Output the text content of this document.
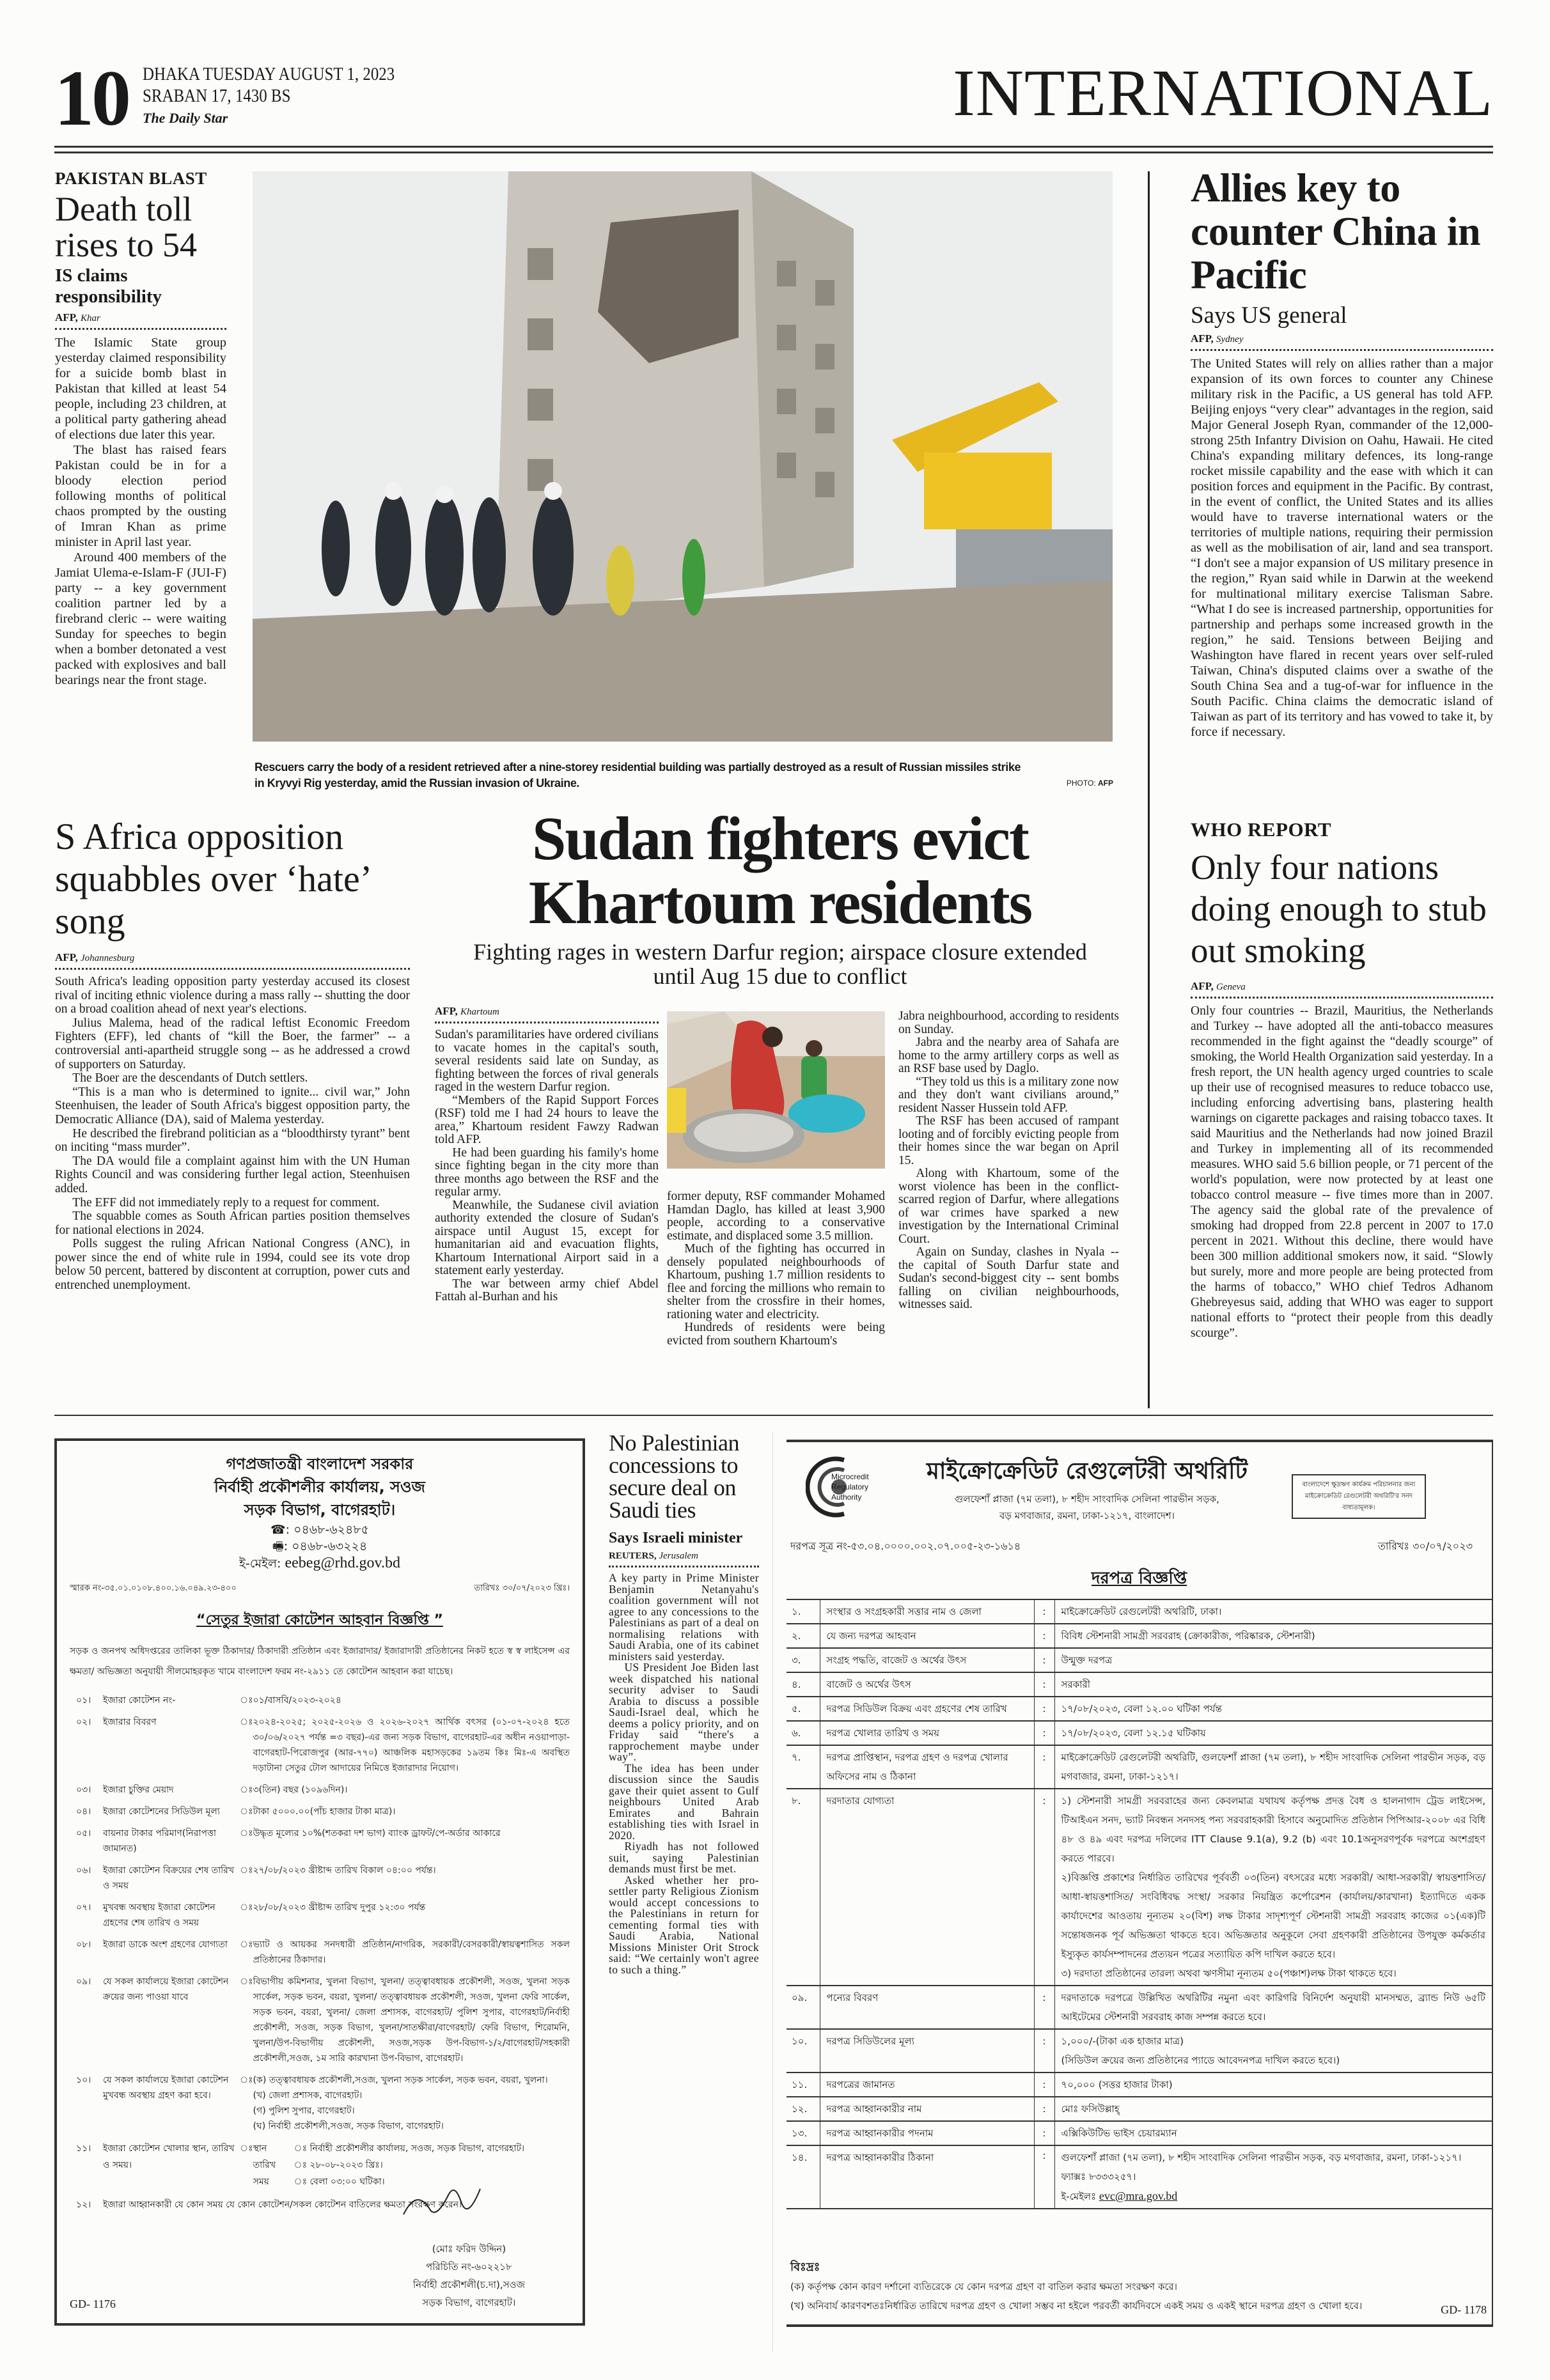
10 DHAKA TUESDAY AUGUST 1, 2023
SRABAN 17, 1430 BS
The Daily Star	INTERNATIONAL
PAKISTAN BLAST
Death toll rises to 54
IS claims responsibility
AFP, Khar

The Islamic State group yesterday claimed responsibility for a suicide bomb blast in Pakistan that killed at least 54 people, including 23 children, at a political party gathering ahead of elections due later this year.

The blast has raised fears Pakistan could be in for a bloody election period following months of political chaos prompted by the ousting of Imran Khan as prime minister in April last year.

Around 400 members of the Jamiat Ulema-e-Islam-F (JUI-F) party -- a key government coalition partner led by a firebrand cleric -- were waiting Sunday for speeches to begin when a bomber detonated a vest packed with explosives and ball bearings near the front stage.

Rescuers carry the body of a resident retrieved after a nine-storey residential building was partially destroyed as a result of Russian missiles strike in Kryvyi Rig yesterday, amid the Russian invasion of Ukraine.	PHOTO: AFP
Allies key to counter China in Pacific
Says US general
AFP, Sydney

The United States will rely on allies rather than a major expansion of its own forces to counter any Chinese military risk in the Pacific, a US general has told AFP. Beijing enjoys “very clear” advantages in the region, said Major General Joseph Ryan, commander of the 12,000-strong 25th Infantry Division on Oahu, Hawaii. He cited China's expanding military defences, its long-range rocket missile capability and the ease with which it can position forces and equipment in the Pacific. By contrast, in the event of conflict, the United States and its allies would have to traverse international waters or the territories of multiple nations, requiring their permission as well as the mobilisation of air, land and sea transport. “I don't see a major expansion of US military presence in the region,” Ryan said while in Darwin at the weekend for multinational military exercise Talisman Sabre. “What I do see is increased partnership, opportunities for partnership and perhaps some increased growth in the region,” he said. Tensions between Beijing and Washington have flared in recent years over self-ruled Taiwan, China's disputed claims over a swathe of the South China Sea and a tug-of-war for influence in the South Pacific. China claims the democratic island of Taiwan as part of its territory and has vowed to take it, by force if necessary.

S Africa opposition squabbles over ‘hate’ song
AFP, Johannesburg

South Africa's leading opposition party yesterday accused its closest rival of inciting ethnic violence during a mass rally -- shutting the door on a broad coalition ahead of next year's elections.

Julius Malema, head of the radical leftist Economic Freedom Fighters (EFF), led chants of “kill the Boer, the farmer” -- a controversial anti-apartheid struggle song -- as he addressed a crowd of supporters on Saturday.

The Boer are the descendants of Dutch settlers.

“This is a man who is determined to ignite... civil war,” John Steenhuisen, the leader of South Africa's biggest opposition party, the Democratic Alliance (DA), said of Malema yesterday.

He described the firebrand politician as a “bloodthirsty tyrant” bent on inciting “mass murder”.

The DA would file a complaint against him with the UN Human Rights Council and was considering further legal action, Steenhuisen added.

The EFF did not immediately reply to a request for comment.

The squabble comes as South African parties position themselves for national elections in 2024.

Polls suggest the ruling African National Congress (ANC), in power since the end of white rule in 1994, could see its vote drop below 50 percent, battered by discontent at corruption, power cuts and entrenched unemployment.

Sudan fighters evict
Khartoum residents
Fighting rages in western Darfur region; airspace closure extended until Aug 15 due to conflict
AFP, Khartoum

Sudan's paramilitaries have ordered civilians to vacate homes in the capital's south, several residents said late on Sunday, as fighting between the forces of rival generals raged in the western Darfur region.

“Members of the Rapid Support Forces (RSF) told me I had 24 hours to leave the area,” Khartoum resident Fawzy Radwan told AFP.

He had been guarding his family's home since fighting began in the city more than three months ago between the RSF and the regular army.

Meanwhile, the Sudanese civil aviation authority extended the closure of Sudan's airspace until August 15, except for humanitarian aid and evacuation flights, Khartoum International Airport said in a statement early yesterday.

The war between army chief Abdel Fattah al-Burhan and his

former deputy, RSF commander Mohamed Hamdan Daglo, has killed at least 3,900 people, according to a conservative estimate, and displaced some 3.5 million.

Much of the fighting has occurred in densely populated neighbourhoods of Khartoum, pushing 1.7 million residents to flee and forcing the millions who remain to shelter from the crossfire in their homes, rationing water and electricity.

Hundreds of residents were being evicted from southern Khartoum's

Jabra neighbourhood, according to residents on Sunday.

Jabra and the nearby area of Sahafa are home to the army artillery corps as well as an RSF base used by Daglo.

“They told us this is a military zone now and they don't want civilians around,” resident Nasser Hussein told AFP.

The RSF has been accused of rampant looting and of forcibly evicting people from their homes since the war began on April 15.

Along with Khartoum, some of the worst violence has been in the conflict-scarred region of Darfur, where allegations of war crimes have sparked a new investigation by the International Criminal Court.

Again on Sunday, clashes in Nyala -- the capital of South Darfur state and Sudan's second-biggest city -- sent bombs falling on civilian neighbourhoods, witnesses said.

WHO REPORT
Only four nations doing enough to stub out smoking
AFP, Geneva

Only four countries -- Brazil, Mauritius, the Netherlands and Turkey -- have adopted all the anti-tobacco measures recommended in the fight against the “deadly scourge” of smoking, the World Health Organization said yesterday. In a fresh report, the UN health agency urged countries to scale up their use of recognised measures to reduce tobacco use, including enforcing advertising bans, plastering health warnings on cigarette packages and raising tobacco taxes. It said Mauritius and the Netherlands had now joined Brazil and Turkey in implementing all of its recommended measures. WHO said 5.6 billion people, or 71 percent of the world's population, were now protected by at least one tobacco control measure -- five times more than in 2007. The agency said the global rate of the prevalence of smoking had dropped from 22.8 percent in 2007 to 17.0 percent in 2021. Without this decline, there would have been 300 million additional smokers now, it said. “Slowly but surely, more and more people are being protected from the harms of tobacco,” WHO chief Tedros Adhanom Ghebreyesus said, adding that WHO was eager to support national efforts to “protect their people from this deadly scourge”.

গণপ্রজাতন্ত্রী বাংলাদেশ সরকার
নির্বাহী প্রকৌশলীর কার্যালয়, সওজ
সড়ক বিভাগ, বাগেরহাট।
☎: ০৪৬৮-৬২৪৮৫
🖷: ০৪৬৮-৬৩২২৪
ই-মেইল: eebeg@rhd.gov.bd
স্মারক নং-৩৫.০১.০১০৮.৪০০.১৬.০৪৯.২৩-৪০০	তারিখঃ ৩০/০৭/২০২৩ খ্রিঃ।
“সেতুর ইজারা কোটেশন আহবান বিজ্ঞপ্তি ”
সড়ক ও জনপথ অধিদপ্তরের তালিকা ভূক্ত ঠিকাদার/ ঠিকাদারী প্রতিষ্ঠান এবং ইজারাদার/ ইজারাদারী প্রতিষ্ঠানের নিকট হতে স্ব স্ব লাইসেন্স এর ক্ষমতা/ অভিজ্ঞতা অনুযায়ী সীলমোহরকৃত খামে বাংলাদেশ ফরম নং-২৯১১ তে কোটেশন আহবান করা যাচেছ।
০১।	ইজারা কোটেশন নং-	ঃ	০১/বাসবি/২০২৩-২০২৪
০২।	ইজারার বিবরণ	ঃ	২০২৪-২০২৫; ২০২৫-২০২৬ ও ২০২৬-২০২৭ আর্থিক বৎসর (০১-০৭-২০২৪ হতে ৩০/০৬/২০২৭ পর্যন্ত =৩ বছর)-এর জন্য সড়ক বিভাগ, বাগেরহাট-এর অধীন নওয়াপাড়া-বাগেরহাট-পিরোজপুর (আর-৭৭০) আঞ্চলিক মহাসড়কের ১৯তম কিঃ মিঃ-এ অবস্থিত দড়াটানা সেতুর টোল আদায়ের নিমিত্তে ইজারাদার নিয়োগ।
০৩।	ইজারা চুক্তির মেয়াদ	ঃ	৩(তিন) বছর (১০৯৬দিন)।
০৪।	ইজারা কোটেশনের সিডিউল মূল্য	ঃ	টাকা ৫০০০.০০(পাঁচ হাজার টাকা মাত্র)।
০৫।	বায়নার টাকার পরিমাণ(নিরাপত্তা জামানত)	ঃ	উদ্ধৃত মূল্যের ১০%(শতকরা দশ ভাগ) ব্যাংক ড্রাফট/পে-অর্ডার আকারে
০৬।	ইজারা কোটেশন বিক্রয়ের শেষ তারিখ ও সময়	ঃ	২৭/০৮/২০২৩ খ্রীষ্টাব্দ তারিখ বিকাল ০৪:০০ পর্যন্ত।
০৭।	মুখবন্ধ অবস্থায় ইজারা কোটেশন গ্রহণের শেষ তারিখ ও সময়	ঃ	২৮/০৮/২০২৩ খ্রীষ্টাব্দ তারিখ দুপুর ১২:৩০ পর্যন্ত
০৮।	ইজারা ডাকে অংশ গ্রহণের যোগ্যতা	ঃ	ভ্যাট ও আয়কর সনদধারী প্রতিষ্ঠান/নাগরিক, সরকারী/বেসরকারী/স্বায়ত্বশাসিত সকল প্রতিষ্ঠানের ঠিকাদার।
০৯।	যে সকল কার্যালয়ে ইজারা কোটেশন ক্রয়ের জন্য পাওয়া যাবে	ঃ	বিভাগীয় কমিশনার, খুলনা বিভাগ, খুলনা/ তত্ত্বাবধায়ক প্রকৌশলী, সওজ, খুলনা সড়ক সার্কেল, সড়ক ভবন, বয়রা, খুলনা/ তত্ত্বাবধায়ক প্রকৌশলী, সওজ, খুলনা ফেরি সার্কেল, সড়ক ভবন, বয়রা, খুলনা/ জেলা প্রশাসক, বাগেরহাট/ পুলিশ সুপার, বাগেরহাট/নির্বাহী প্রকৌশলী, সওজ, সড়ক বিভাগ, খুলনা/সাতক্ষীরা/বাগেরহাট/ ফেরি বিভাগ, শিরোমনি, খুলনা/উপ-বিভাগীয় প্রকৌশলী, সওজ,সড়ক উপ-বিভাগ-১/২/বাগেরহাট/সহকারী প্রকৌশলী,সওজ, ১ম সারি কারখানা উপ-বিভাগ, বাগেরহাট।
১০।	যে সকল কার্যালয়ে ইজারা কোটেশন মুখবন্ধ অবস্থায় গ্রহণ করা হবে।	ঃ	(ক) তত্ত্বাবধায়ক প্রকৌশলী,সওজ, খুলনা সড়ক সার্কেল, সড়ক ভবন, বয়রা, খুলনা।
(খ) জেলা প্রশাসক, বাগেরহাট।
(গ) পুলিশ সুপার, বাগেরহাট।
(ঘ) নির্বাহী প্রকৌশলী,সওজ, সড়ক বিভাগ, বাগেরহাট।
১১।	ইজারা কোটেশন খোলার স্থান, তারিখ ও সময়।	ঃ	স্থান ঃ নির্বাহী প্রকৌশলীর কার্যালয়, সওজ, সড়ক বিভাগ, বাগেরহাট।
তারিখ ঃ ২৮-০৮-২০২৩ খ্রিঃ।
সময় ঃ বেলা ০৩:০০ ঘটিকা।

১২।	ইজারা আহ্বানকারী যে কোন সময় যে কোন কোটেশন/সকল কোটেশন বাতিলের ক্ষমতা সংরক্ষণ করেন।		
(মোঃ ফরিদ উদ্দিন)
পরিচিতি নং-৬০২২১৮
নির্বাহী প্রকৌশলী(চ.দা),সওজ
সড়ক বিভাগ, বাগেরহাট।
GD- 1176
No Palestinian concessions to secure deal on Saudi ties
Says Israeli minister
REUTERS, Jerusalem

A key party in Prime Minister Benjamin Netanyahu's coalition government will not agree to any concessions to the Palestinians as part of a deal on normalising relations with Saudi Arabia, one of its cabinet ministers said yesterday.

US President Joe Biden last week dispatched his national security adviser to Saudi Arabia to discuss a possible Saudi-Israel deal, which he deems a policy priority, and on Friday said “there's a rapprochement maybe under way”.

The idea has been under discussion since the Saudis gave their quiet assent to Gulf neighbours United Arab Emirates and Bahrain establishing ties with Israel in 2020.

Riyadh has not followed suit, saying Palestinian demands must first be met.

Asked whether her pro-settler party Religious Zionism would accept concessions to the Palestinians in return for cementing formal ties with Saudi Arabia, National Missions Minister Orit Strock said: “We certainly won't agree to such a thing.”

Microcredit
Regulatory
Authority
মাইক্রোক্রেডিট রেগুলেটরী অথরিটি
গুলফেশাঁ প্লাজা (৭ম তলা), ৮ শহীদ সাংবাদিক সেলিনা পারভীন সড়ক,
বড় মগবাজার, রমনা, ঢাকা-১২১৭, বাংলাদেশ।
বাংলাদেশে ক্ষুদ্রঋণ কার্যক্রম পরিচালনার জন্য মাইক্রোক্রেডিট রেগুলেটরী অথরিটি'র সনদ বাধ্যতামূলক।
দরপত্র সূত্র নং-৫৩.০৪.০০০০.০০২.০৭.০০৫-২৩-১৬১৪	তারিখঃ ৩০/০৭/২০২৩
দরপত্র বিজ্ঞপ্তি
১.	সংস্থার ও সংগ্রহকারী সত্তার নাম ও জেলা	:	মাইক্রোক্রেডিট রেগুলেটরী অথরিটি, ঢাকা।
২.	যে জন্য দরপত্র আহবান	:	বিবিধ স্টেশনারী সামগ্রী সরবরাহ (ক্রোকারীজ, পরিষ্কারক, স্টেশনারী)
৩.	সংগ্রহ পদ্ধতি, বাজেট ও অর্থের উৎস	:	উন্মুক্ত দরপত্র
৪.	বাজেট ও অর্থের উৎস	:	সরকারী
৫.	দরপত্র সিডিউল বিক্রয় এবং গ্রহণের শেষ তারিখ	:	১৭/০৮/২০২৩, বেলা ১২.০০ ঘটিকা পর্যন্ত
৬.	দরপত্র খোলার তারিখ ও সময়	:	১৭/০৮/২০২৩, বেলা ১২.১৫ ঘটিকায়
৭.	দরপত্র প্রাপ্তিস্থান, দরপত্র গ্রহণ ও দরপত্র খোলার অফিসের নাম ও ঠিকানা	:	মাইক্রোক্রেডিট রেগুলেটরী অথরিটি, গুলফেশাঁ প্লাজা (৭ম তলা), ৮ শহীদ সাংবাদিক সেলিনা পারভীন সড়ক, বড় মগবাজার, রমনা, ঢাকা-১২১৭।
৮.	দরদাতার যোগ্যতা	:	১) স্টেশনারী সামগ্রী সরবরাহের জন্য কেবলমাত্র যথাযথ কর্তৃপক্ষ প্রদত্ত বৈধ ও হালনাগাদ ট্রেড লাইসেন্স, টিআইএন সনদ, ভ্যাট নিবন্ধন সনদসহ পন্য সরবরাহকারী হিসাবে অনুমোদিত প্রতিষ্ঠান পিপিআর-২০০৮ এর বিধি ৪৮ ও ৪৯ এবং দরপত্র দলিলের ITT Clause 9.1(a), 9.2 (b) এবং 10.1অনুসরণপূর্বক দরপত্রে অংশগ্রহণ করতে পারবে।
২)বিজ্ঞপ্তি প্রকাশের নির্ধারিত তারিখের পূর্ববর্তী ০৩(তিন) বৎসরের মধ্যে সরকারী/ আধা-সরকারী/ স্বায়ত্তশাসিত/ আধা-স্বায়ত্তশাসিত/ সংবিধিবদ্ধ সংস্থা/ সরকার নিয়ন্ত্রিত কর্পোরেশন (কার্যালয়/কারখানা) ইত্যাদিতে একক কার্যাদেশের আওতায় নূন্যতম ২০(বিশ) লক্ষ টাকার সাদৃশ্যপূর্ণ স্টেশনারী সামগ্রী সরবরাহ কাজের ০১(এক)টি সন্তোষজনক পূর্ব অভিজ্ঞতা থাকতে হবে। অভিজ্ঞতার অনুকূলে সেবা গ্রহণকারী প্রতিষ্ঠানের উপযুক্ত কর্মকর্তার ইস্যুকৃত কার্যসম্পাদনের প্রত্যয়ন পত্রের সত্যায়িত কপি দাখিল করতে হবে।
৩) দরদাতা প্রতিষ্ঠানের তারল্য অথবা ঋণসীমা নূন্যতম ৫০(পঞ্চাশ)লক্ষ টাকা থাকতে হবে।
০৯.	পন্যের বিবরণ	:	দরদাতাকে দরপত্রে উল্লিখিত অথরিটির নমুনা এবং কারিগরি বিনির্দেশ অনুযায়ী মানসম্মত, ব্র্যান্ড নিউ ৬৫টি আইটেমের স্টেশনারী সরবরাহ কাজ সম্পন্ন করতে হবে।
১০.	দরপত্র সিডিউলের মূল্য	:	১,০০০/-(টাকা এক হাজার মাত্র)
(সিডিউল ক্রয়ের জন্য প্রতিষ্ঠানের প্যাডে আবেদনপত্র দাখিল করতে হবে।)
১১.	দরপত্রের জামানত	:	৭০,০০০ (সত্তর হাজার টাকা)
১২.	দরপত্র আহ্বানকারীর নাম	:	মোঃ ফসিউল্লাহ্
১৩.	দরপত্র আহ্বানকারীর পদনাম	:	এক্সিকিউটিভ ভাইস চেয়ারম্যান
১৪.	দরপত্র আহ্বানকারীর ঠিকানা	:	গুলফেশাঁ প্লাজা (৭ম তলা), ৮ শহীদ সাংবাদিক সেলিনা পারভীন সড়ক, বড় মগবাজার, রমনা, ঢাকা-১২১৭। ফ্যাক্সঃ ৮৩৩৩২৫৭।
ই-মেইলঃ evc@mra.gov.bd
বিঃদ্রঃ
(ক) কর্তৃপক্ষ কোন কারণ দর্শানো ব্যতিরেকে যে কোন দরপত্র গ্রহণ বা বাতিল করার ক্ষমতা সংরক্ষণ করে।
(খ) অনিবার্য কারণবশতঃনির্ধারিত তারিখে দরপত্র গ্রহণ ও খোলা সম্ভব না হইলে পরবর্তী কার্যদিবসে একই সময় ও একই স্থানে দরপত্র গ্রহণ ও খোলা হবে।	GD- 1178
